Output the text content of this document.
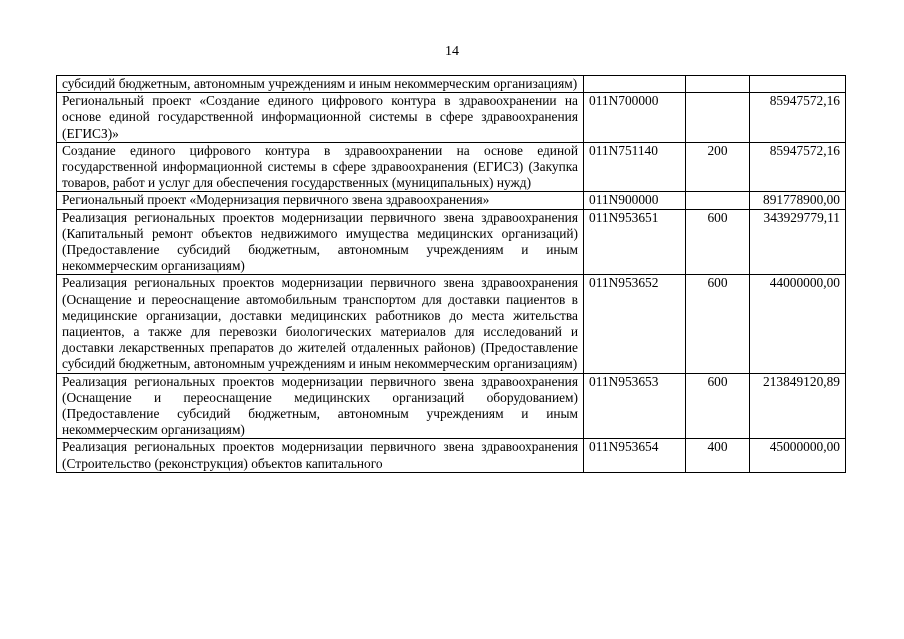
14
субсидий бюджетным, автономным учреждениям и иным некоммерческим организациям)			
Региональный проект «Создание единого цифрового контура в здравоохранении на основе единой государственной информационной системы в сфере здравоохранения (ЕГИСЗ)»	011N700000		85947572,16
Создание единого цифрового контура в здравоохранении на основе единой государственной информационной системы в сфере здравоохранения (ЕГИСЗ) (Закупка товаров, работ и услуг для обеспечения государственных (муниципальных) нужд)	011N751140	200	85947572,16
Региональный проект «Модернизация первичного звена здравоохранения»	011N900000		891778900,00
Реализация региональных проектов модернизации первичного звена здравоохранения (Капитальный ремонт объектов недвижимого имущества медицинских организаций) (Предоставление субсидий бюджетным, автономным учреждениям и иным некоммерческим организациям)	011N953651	600	343929779,11
Реализация региональных проектов модернизации первичного звена здравоохранения (Оснащение и переоснащение автомобильным транспортом для доставки пациентов в медицинские организации, доставки медицинских работников до места жительства пациентов, а также для перевозки биологических материалов для исследований и доставки лекарственных препаратов до жителей отдаленных районов) (Предоставление субсидий бюджетным, автономным учреждениям и иным некоммерческим организациям)	011N953652	600	44000000,00
Реализация региональных проектов модернизации первичного звена здравоохранения (Оснащение и переоснащение медицинских организаций оборудованием) (Предоставление субсидий бюджетным, автономным учреждениям и иным некоммерческим организациям)	011N953653	600	213849120,89
Реализация региональных проектов модернизации первичного звена здравоохранения (Строительство (реконструкция) объектов капитального	011N953654	400	45000000,00
